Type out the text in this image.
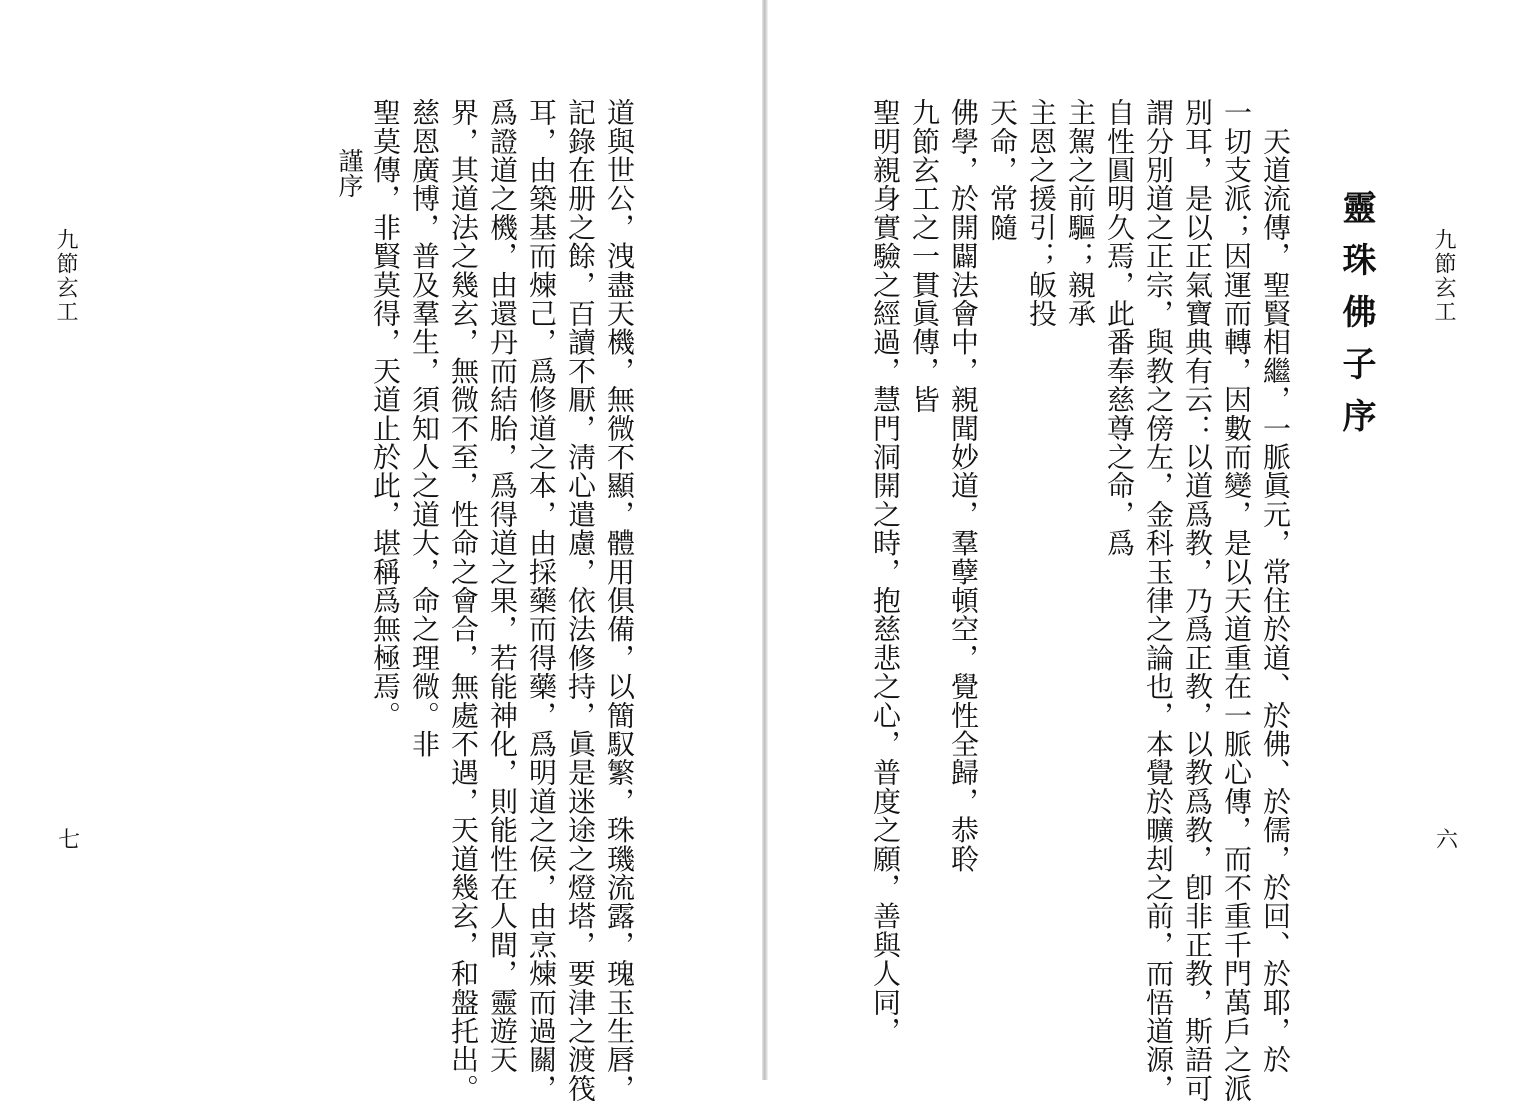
九節玄工
七	道與世公，洩盡天機，無微不顯，體用俱備，以簡馭繁，珠璣流露，瑰玉生唇，
記錄在册之餘，百讀不厭，淸心遣慮，依法修持，眞是迷途之燈塔，要津之渡筏
耳，由築基而煉己，爲修道之本，由採藥而得藥，爲明道之侯，由烹煉而過關，
爲證道之機，由還丹而結胎，爲得道之果，若能神化，則能性在人間，靈遊天
界，其道法之幾玄，無微不至，性命之會合，無處不遇，天道幾玄，和盤托出。
慈恩廣博，普及羣生，須知人之道大，命之理微。非
聖莫傳，非賢莫得，天道止於此，堪稱爲無極焉。
謹序
九節玄工
六
靈珠佛子序
　天道流傳，聖賢相繼，一脈眞元，常住於道、於佛、於儒，於回、於耶，於
一切支派；因運而轉，因數而變，是以天道重在一脈心傳，而不重千門萬戶之派
別耳，是以正氣寶典有云：以道爲教，乃爲正教，以教爲教，卽非正教，斯語可
謂分別道之正宗，與教之傍左，金科玉律之論也，本覺於曠刦之前，而悟道源，
自性圓明久焉，此番奉慈尊之命，爲
主駕之前驅；親承
主恩之援引；皈投
天命，常隨
佛學，於開闢法會中，親聞妙道，羣孽頓空，覺性全歸，恭聆
九節玄工之一貫眞傳，皆
聖明親身實驗之經過，慧門洞開之時，抱慈悲之心，普度之願，善與人同，
